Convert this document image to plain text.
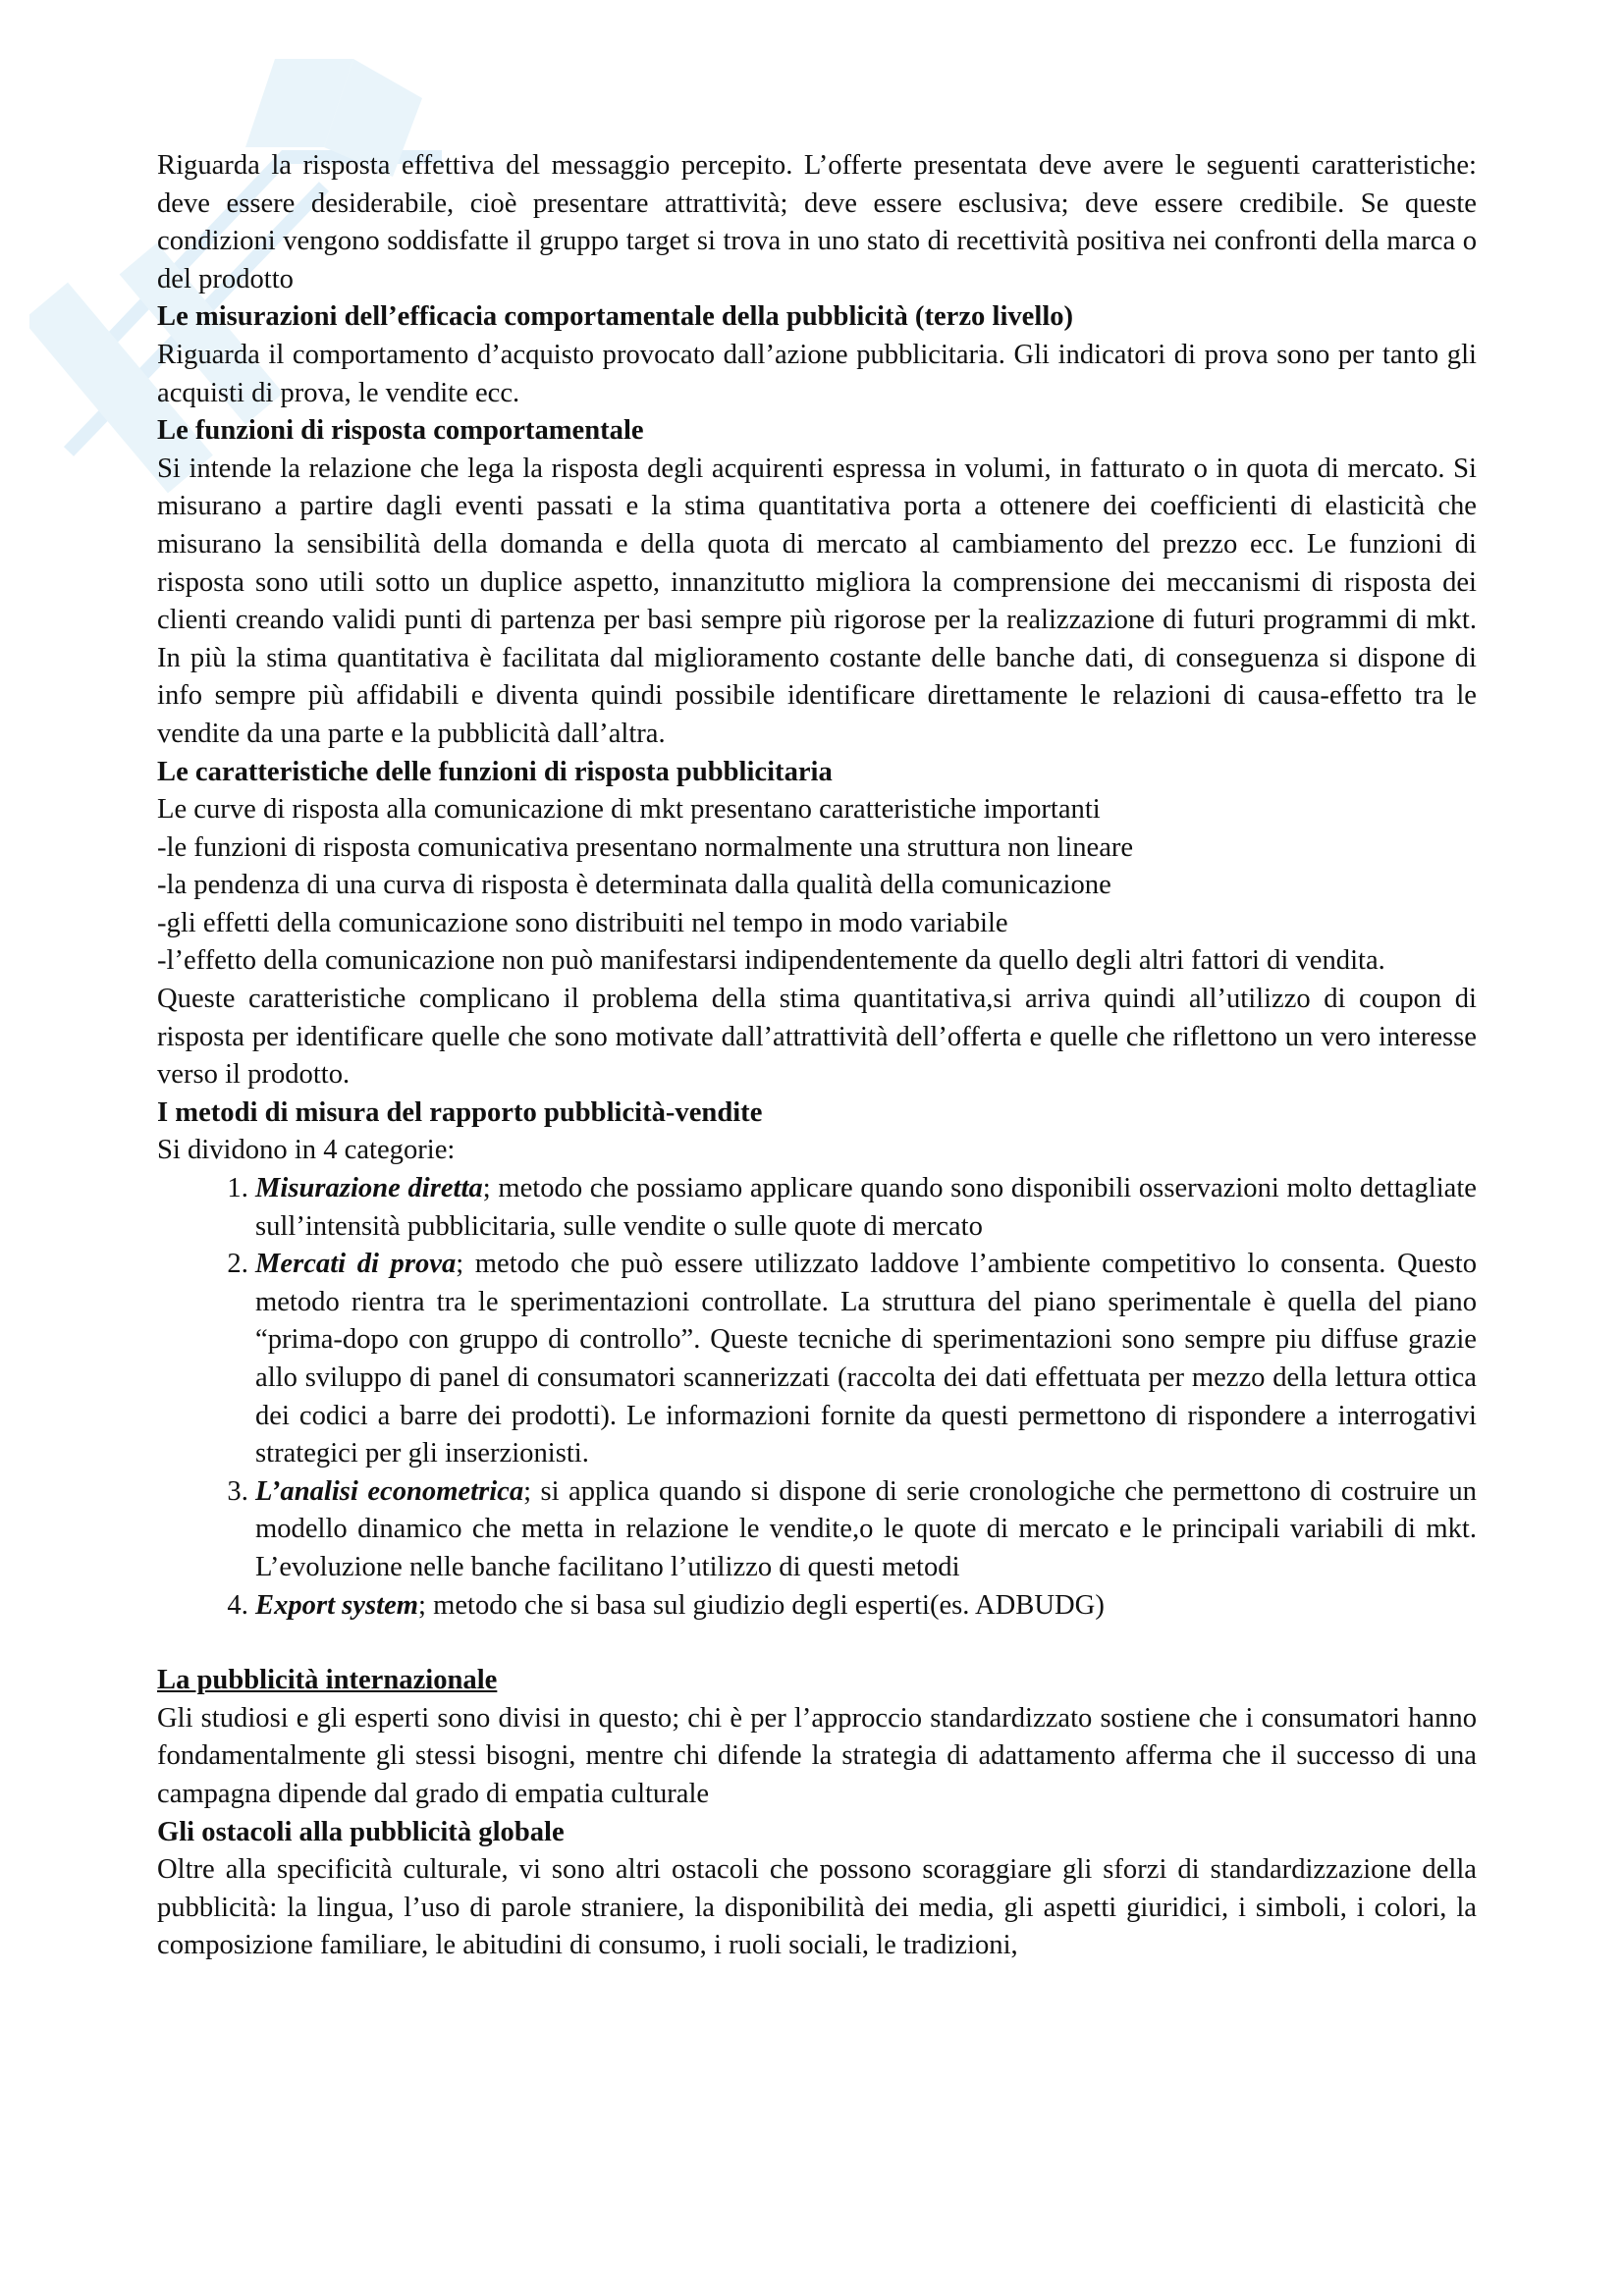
Riguarda la risposta effettiva del messaggio percepito. L’offerte presentata deve avere le seguenti caratteristiche: deve essere desiderabile, cioè presentare attrattività; deve essere esclusiva; deve essere credibile. Se queste condizioni vengono soddisfatte il gruppo target si trova in uno stato di recettività positiva nei confronti della marca o del prodotto

Le misurazioni dell’efficacia comportamentale della pubblicità (terzo livello)

Riguarda il comportamento d’acquisto provocato dall’azione pubblicitaria. Gli indicatori di prova sono per tanto gli acquisti di prova, le vendite ecc.

Le funzioni di risposta comportamentale

Si intende la relazione che lega la risposta degli acquirenti espressa in volumi, in fatturato o in quota di mercato. Si misurano a partire dagli eventi passati e la stima quantitativa porta a ottenere dei coefficienti di elasticità che misurano la sensibilità della domanda e della quota di mercato al cambiamento del prezzo ecc. Le funzioni di risposta sono utili sotto un duplice aspetto, innanzitutto migliora la comprensione dei meccanismi di risposta dei clienti creando validi punti di partenza per basi sempre più rigorose per la realizzazione di futuri programmi di mkt. In più la stima quantitativa è facilitata dal miglioramento costante delle banche dati, di conseguenza si dispone di info sempre più affidabili e diventa quindi possibile identificare direttamente le relazioni di causa-effetto tra le vendite da una parte e la pubblicità dall’altra.

Le caratteristiche delle funzioni di risposta pubblicitaria

Le curve di risposta alla comunicazione di mkt presentano caratteristiche importanti

-le funzioni di risposta comunicativa presentano normalmente una struttura non lineare

-la pendenza di una curva di risposta è determinata dalla qualità della comunicazione

-gli effetti della comunicazione sono distribuiti nel tempo in modo variabile

-l’effetto della comunicazione non può manifestarsi indipendentemente da quello degli altri fattori di vendita.

Queste caratteristiche complicano il problema della stima quantitativa,si arriva quindi all’utilizzo di coupon di risposta per identificare quelle che sono motivate dall’attrattività dell’offerta e quelle che riflettono un vero interesse verso il prodotto.

I metodi di misura del rapporto pubblicità-vendite

Si dividono in 4 categorie:

1. Misurazione diretta; metodo che possiamo applicare quando sono disponibili osservazioni molto dettagliate sull’intensità pubblicitaria, sulle vendite o sulle quote di mercato
2. Mercati di prova; metodo che può essere utilizzato laddove l’ambiente competitivo lo consenta. Questo metodo rientra tra le sperimentazioni controllate. La struttura del piano sperimentale è quella del piano “prima-dopo con gruppo di controllo”. Queste tecniche di sperimentazioni sono sempre piu diffuse grazie allo sviluppo di panel di consumatori scannerizzati (raccolta dei dati effettuata per mezzo della lettura ottica dei codici a barre dei prodotti). Le informazioni fornite da questi permettono di rispondere a interrogativi strategici per gli inserzionisti.
3. L’analisi econometrica; si applica quando si dispone di serie cronologiche che permettono di costruire un modello dinamico che metta in relazione le vendite,o le quote di mercato e le principali variabili di mkt. L’evoluzione nelle banche facilitano l’utilizzo di questi metodi
4. Export system; metodo che si basa sul giudizio degli esperti(es. ADBUDG)

La pubblicità internazionale

Gli studiosi e gli esperti sono divisi in questo; chi è per l’approccio standardizzato sostiene che i consumatori hanno fondamentalmente gli stessi bisogni, mentre chi difende la strategia di adattamento afferma che il successo di una campagna dipende dal grado di empatia culturale

Gli ostacoli alla pubblicità globale

Oltre alla specificità culturale, vi sono altri ostacoli che possono scoraggiare gli sforzi di standardizzazione della pubblicità: la lingua, l’uso di parole straniere, la disponibilità dei media, gli aspetti giuridici, i simboli, i colori, la composizione familiare, le abitudini di consumo, i ruoli sociali, le tradizioni,
